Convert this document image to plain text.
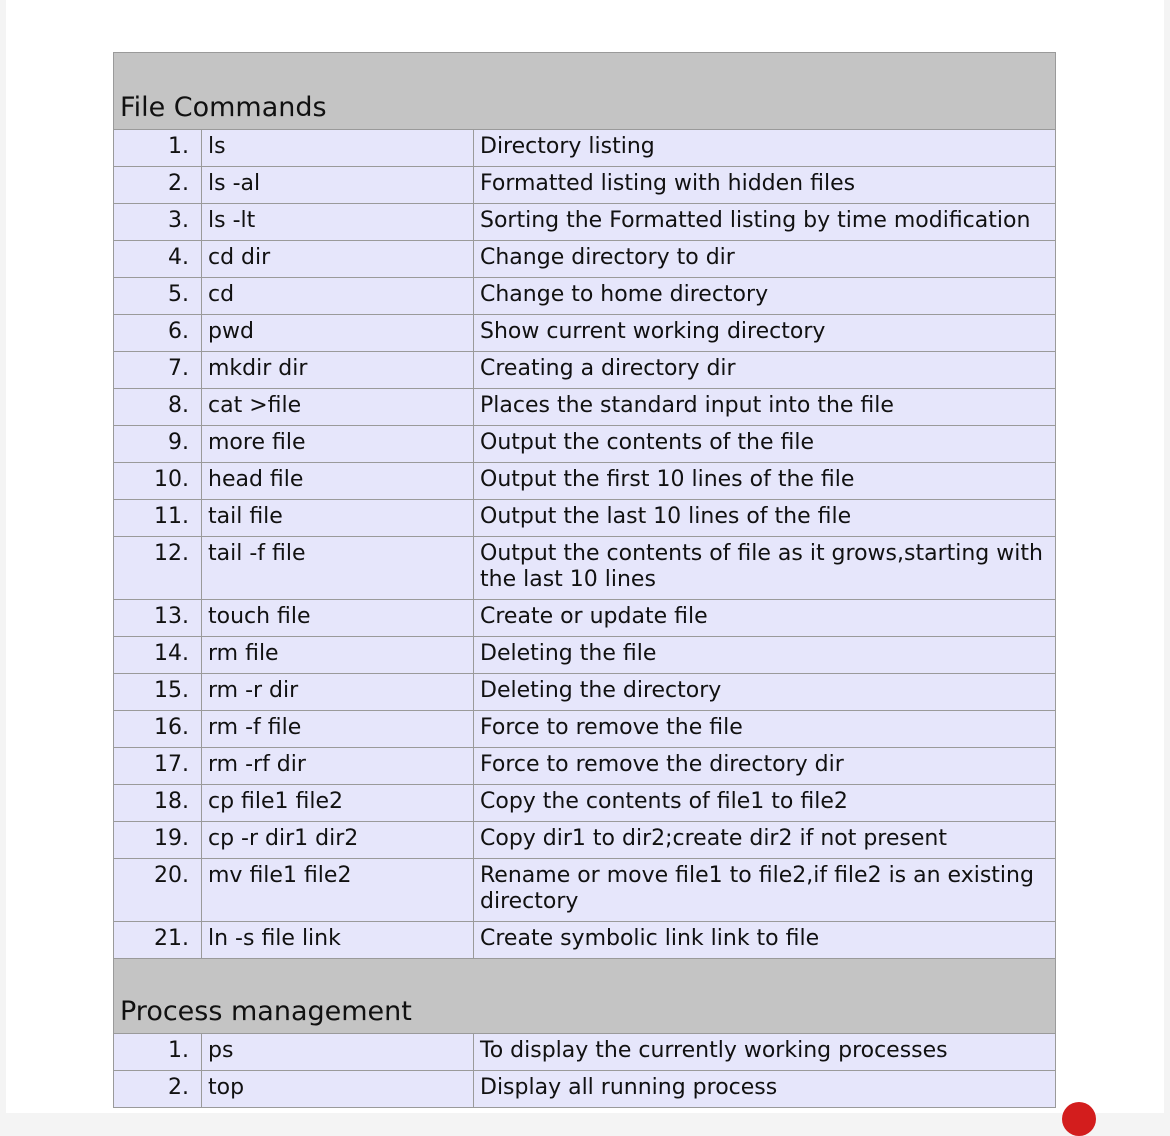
File Commands		
1.	ls	Directory listing
2.	ls -al	Formatted listing with hidden files
3.	ls -lt	Sorting the Formatted listing by time modification
4.	cd dir	Change directory to dir
5.	cd	Change to home directory
6.	pwd	Show current working directory
7.	mkdir dir	Creating a directory dir
8.	cat >file	Places the standard input into the file
9.	more file	Output the contents of the file
10.	head file	Output the first 10 lines of the file
11.	tail file	Output the last 10 lines of the file
12.	tail -f file	Output the contents of file as it grows,starting with the last 10 lines
13.	touch file	Create or update file
14.	rm file	Deleting the file
15.	rm -r dir	Deleting the directory
16.	rm -f file	Force to remove the file
17.	rm -rf dir	Force to remove the directory dir
18.	cp file1 file2	Copy the contents of file1 to file2
19.	cp -r dir1 dir2	Copy dir1 to dir2;create dir2 if not present
20.	mv file1 file2	Rename or move file1 to file2,if file2 is an existing directory
21.	ln -s file link	Create symbolic link link to file
Process management		
1.	ps	To display the currently working processes
2.	top	Display all running process
